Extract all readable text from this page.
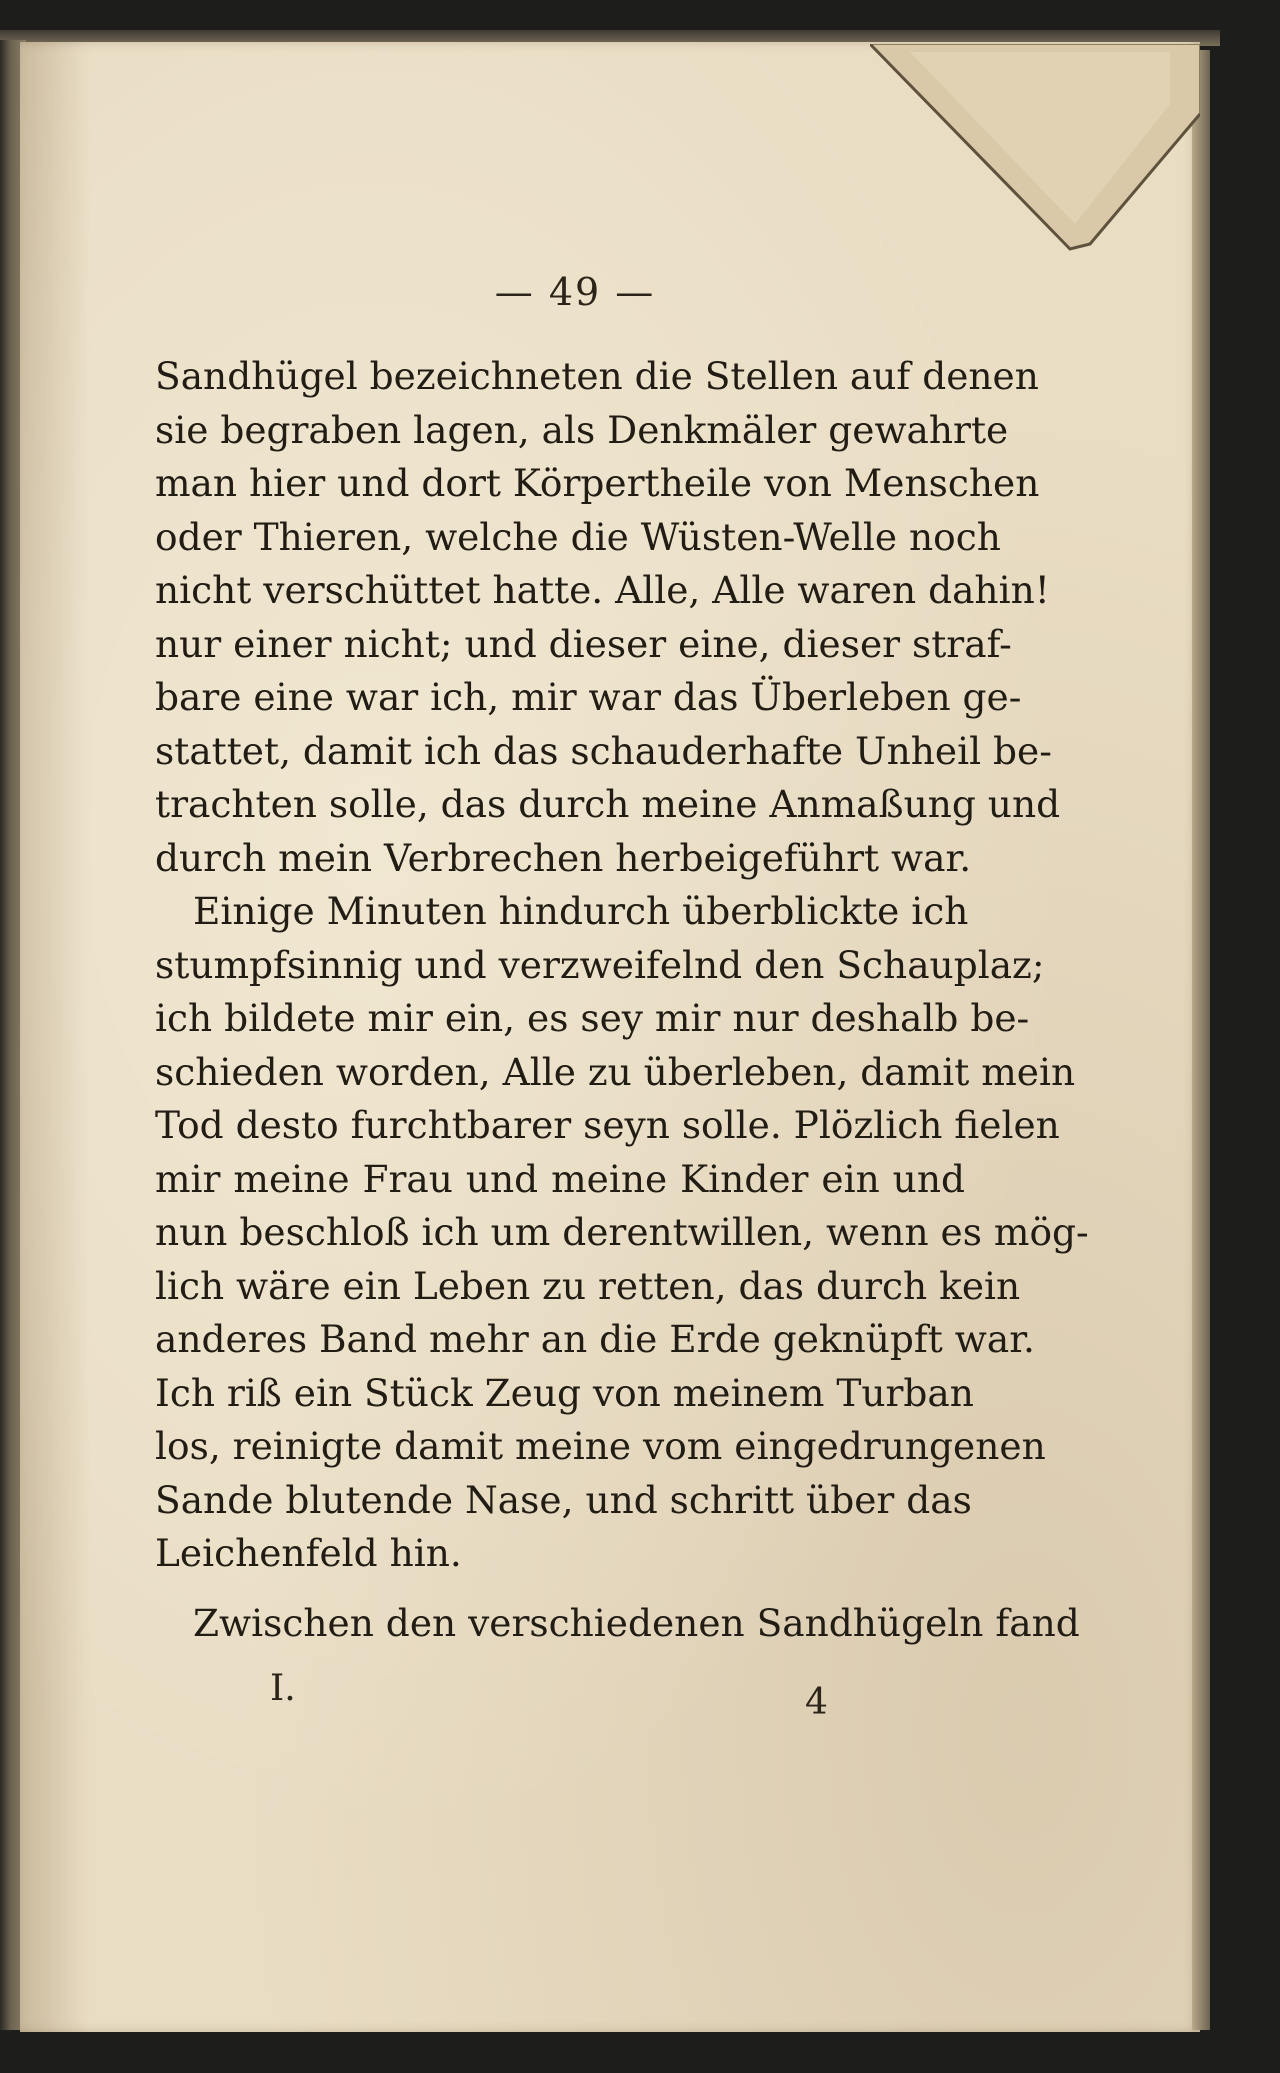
— 49 —
Sandhügel bezeichneten die Stellen auf denen
sie begraben lagen, als Denkmäler gewahrte
man hier und dort Körpertheile von Menschen
oder Thieren, welche die Wüsten-Welle noch
nicht verschüttet hatte. Alle, Alle waren dahin!
nur einer nicht; und dieser eine, dieser straf-
bare eine war ich, mir war das Überleben ge-
stattet, damit ich das schauderhafte Unheil be-
trachten solle, das durch meine Anmaßung und
durch mein Verbrechen herbeigeführt war.
Einige Minuten hindurch überblickte ich
stumpfsinnig und verzweifelnd den Schauplaz;
ich bildete mir ein, es sey mir nur deshalb be-
schieden worden, Alle zu überleben, damit mein
Tod desto furchtbarer seyn solle. Plözlich fielen
mir meine Frau und meine Kinder ein und
nun beschloß ich um derentwillen, wenn es mög-
lich wäre ein Leben zu retten, das durch kein
anderes Band mehr an die Erde geknüpft war.
Ich riß ein Stück Zeug von meinem Turban
los, reinigte damit meine vom eingedrungenen
Sande blutende Nase, und schritt über das
Leichenfeld hin.
Zwischen den verschiedenen Sandhügeln fand
I.	4
